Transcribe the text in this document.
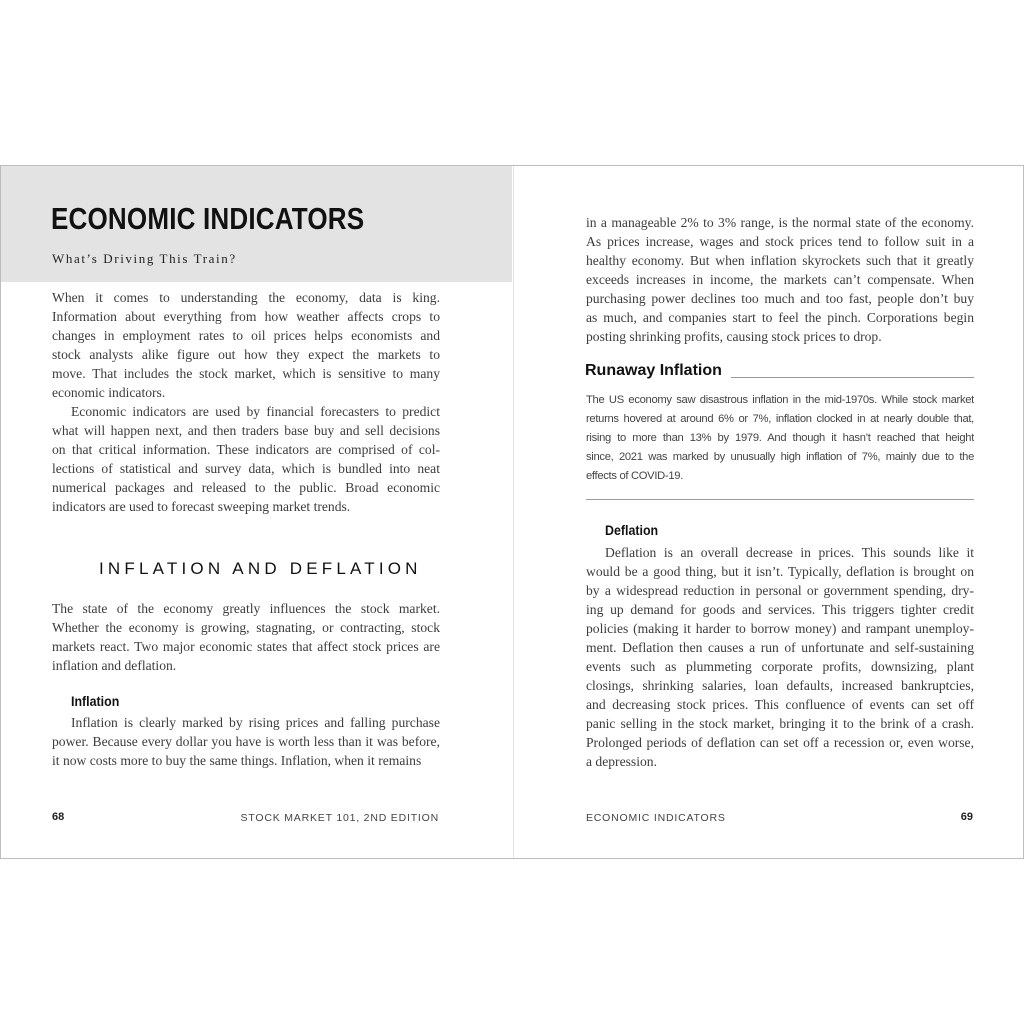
ECONOMIC INDICATORS
What’s Driving This Train?
When it comes to understanding the economy, data is king.
Information about everything from how weather affects crops to
changes in employment rates to oil prices helps economists and
stock analysts alike figure out how they expect the markets to
move. That includes the stock market, which is sensitive to many
economic indicators.
Economic indicators are used by financial forecasters to predict
what will happen next, and then traders base buy and sell decisions
on that critical information. These indicators are comprised of col-
lections of statistical and survey data, which is bundled into neat
numerical packages and released to the public. Broad economic
indicators are used to forecast sweeping market trends.
INFLATION AND DEFLATION
The state of the economy greatly influences the stock market.
Whether the economy is growing, stagnating, or contracting, stock
markets react. Two major economic states that affect stock prices are
inflation and deflation.
Inflation
Inflation is clearly marked by rising prices and falling purchase
power. Because every dollar you have is worth less than it was before,
it now costs more to buy the same things. Inflation, when it remains
68	STOCK MARKET 101, 2ND EDITION
in a manageable 2% to 3% range, is the normal state of the economy.
As prices increase, wages and stock prices tend to follow suit in a
healthy economy. But when inflation skyrockets such that it greatly
exceeds increases in income, the markets can’t compensate. When
purchasing power declines too much and too fast, people don’t buy
as much, and companies start to feel the pinch. Corporations begin
posting shrinking profits, causing stock prices to drop.
Runaway Inflation
The US economy saw disastrous inflation in the mid-1970s. While stock market
returns hovered at around 6% or 7%, inflation clocked in at nearly double that,
rising to more than 13% by 1979. And though it hasn’t reached that height
since, 2021 was marked by unusually high inflation of 7%, mainly due to the
effects of COVID-19.
Deflation
Deflation is an overall decrease in prices. This sounds like it
would be a good thing, but it isn’t. Typically, deflation is brought on
by a widespread reduction in personal or government spending, dry-
ing up demand for goods and services. This triggers tighter credit
policies (making it harder to borrow money) and rampant unemploy-
ment. Deflation then causes a run of unfortunate and self-sustaining
events such as plummeting corporate profits, downsizing, plant
closings, shrinking salaries, loan defaults, increased bankruptcies,
and decreasing stock prices. This confluence of events can set off
panic selling in the stock market, bringing it to the brink of a crash.
Prolonged periods of deflation can set off a recession or, even worse,
a depression.
ECONOMIC INDICATORS	69
